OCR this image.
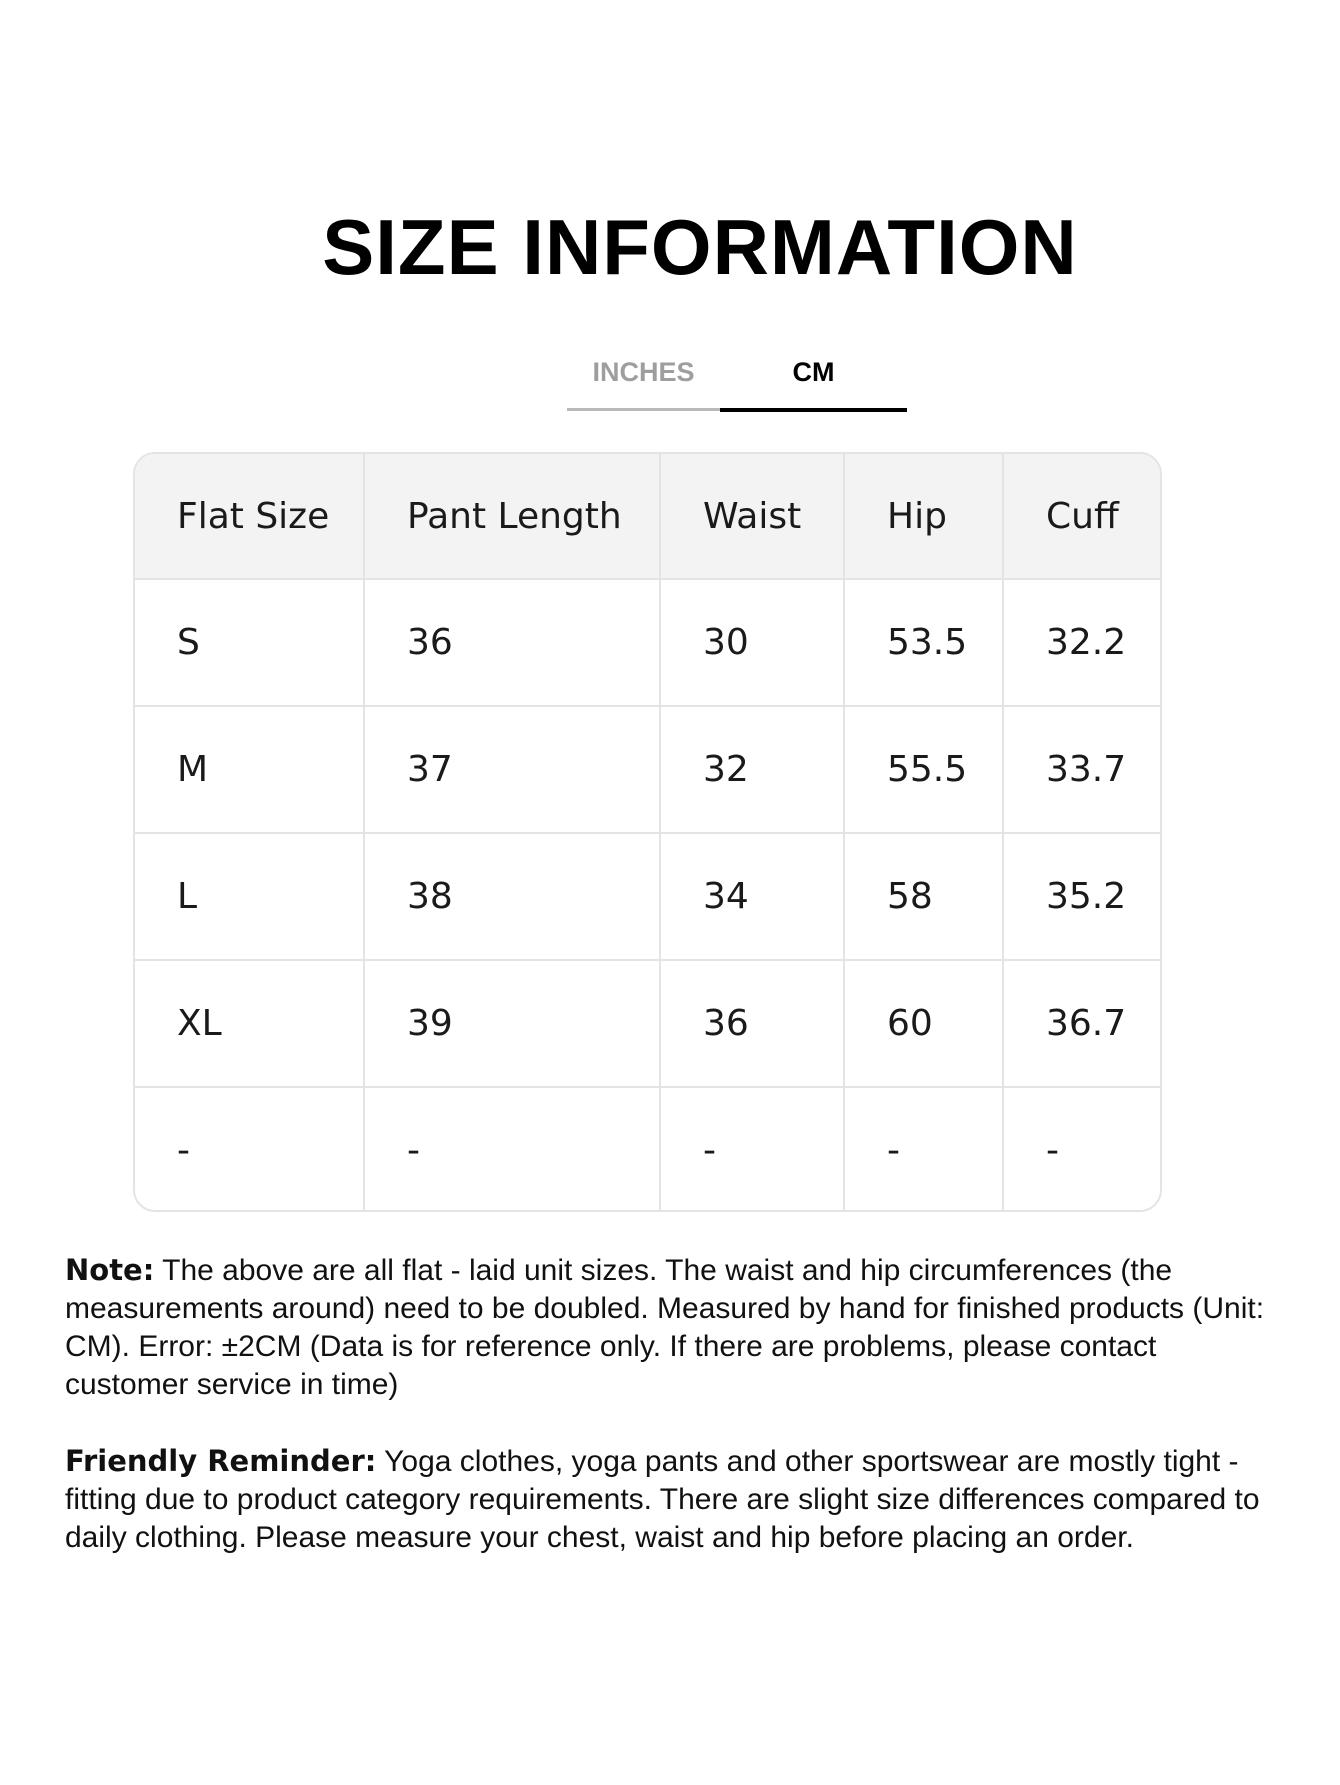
SIZE INFORMATION
INCHES	CM
Flat Size	Pant Length	Waist	Hip	Cuff
S	36	30	53.5	32.2
M	37	32	55.5	33.7
L	38	34	58	35.2
XL	39	36	60	36.7
-	-	-	-	-

Note: The above are all flat - laid unit sizes. The waist and hip circumferences (the measurements around) need to be doubled. Measured by hand for finished products (Unit: CM). Error: ±2CM (Data is for reference only. If there are problems, please contact customer service in time)

Friendly Reminder: Yoga clothes, yoga pants and other sportswear are mostly tight - fitting due to product category requirements. There are slight size differences compared to daily clothing. Please measure your chest, waist and hip before placing an order.
